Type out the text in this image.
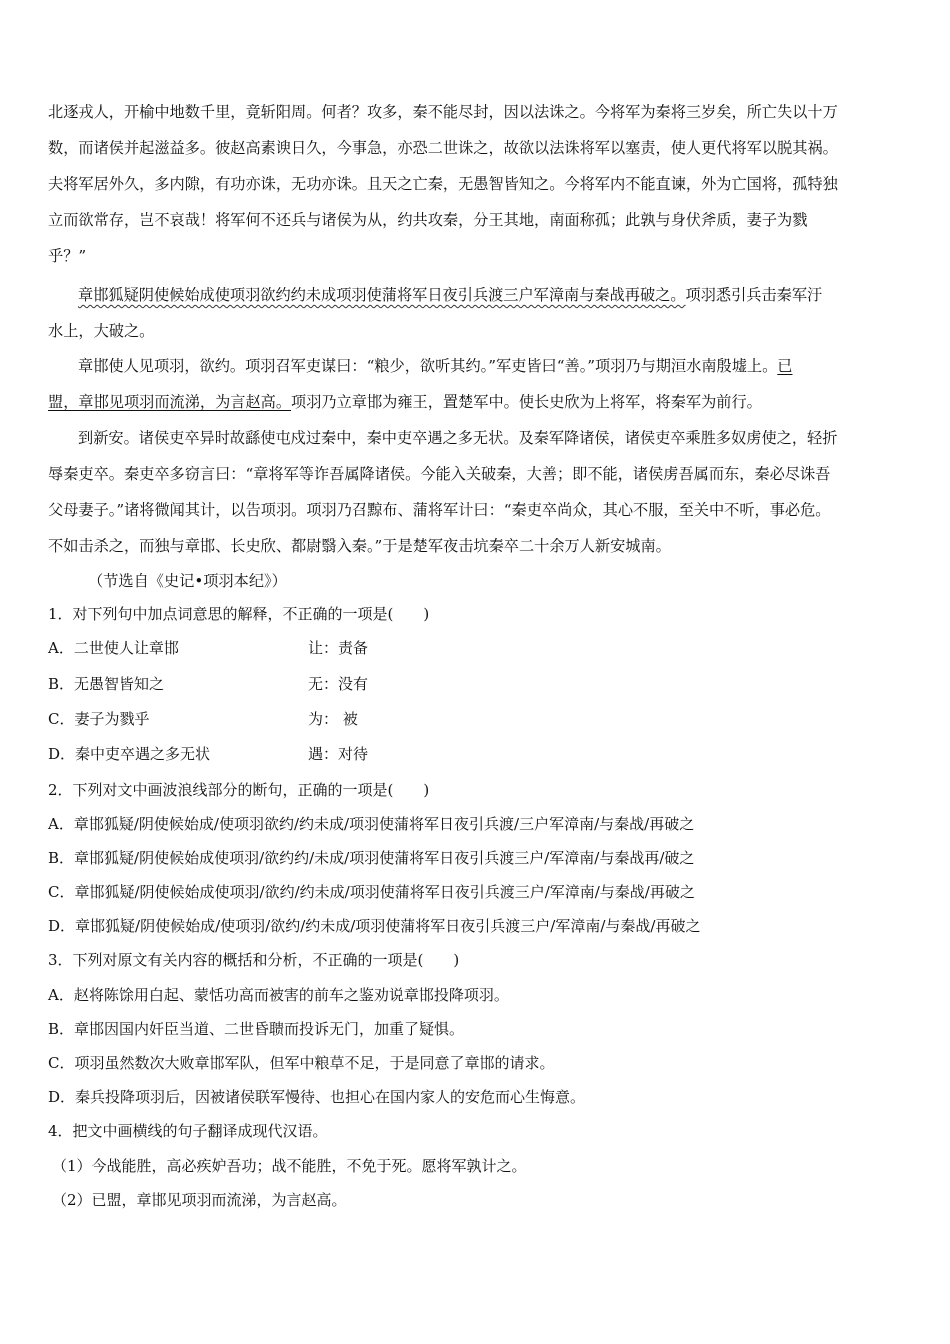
北逐戎人，开榆中地数千里，竟斩阳周。何者？攻多，秦不能尽封，因以法诛之。今将军为秦将三岁矣，所亡失以十万
数，而诸侯并起滋益多。彼赵高素谀日久，今事急，亦恐二世诛之，故欲以法诛将军以塞责，使人更代将军以脱其祸。
夫将军居外久，多内隙，有功亦诛，无功亦诛。且天之亡秦，无愚智皆知之。今将军内不能直谏，外为亡国将，孤特独
立而欲常存，岂不哀哉！将军何不还兵与诸侯为从，约共攻秦，分王其地，南面称孤；此孰与身伏斧质，妻子为戮
乎？”
章邯狐疑阴使候始成使项羽欲约约未成项羽使蒲将军日夜引兵渡三户军漳南与秦战再破之。项羽悉引兵击秦军汙
水上，大破之。
章邯使人见项羽，欲约。项羽召军吏谋曰：“粮少，欲听其约。”军吏皆曰“善。”项羽乃与期洹水南殷墟上。已
盟，章邯见项羽而流涕，为言赵高。项羽乃立章邯为雍王，置楚军中。使长史欣为上将军，将秦军为前行。
到新安。诸侯吏卒异时故繇使屯戍过秦中，秦中吏卒遇之多无状。及秦军降诸侯，诸侯吏卒乘胜多奴虏使之，轻折
辱秦吏卒。秦吏卒多窃言曰：“章将军等诈吾属降诸侯。今能入关破秦，大善；即不能，诸侯虏吾属而东，秦必尽诛吾
父母妻子。”诸将微闻其计，以告项羽。项羽乃召黥布、蒲将军计曰：“秦吏卒尚众，其心不服，至关中不听，事必危。
不如击杀之，而独与章邯、长史欣、都尉翳入秦。”于是楚军夜击坑秦卒二十余万人新安城南。
（节选自《史记•项羽本纪》）
1．对下列句中加点词意思的解释，不正确的一项是(　　)
A．二世使人让章邯	让：责备
B．无愚智皆知之	无：没有
C．妻子为戮乎	为： 被
D．秦中吏卒遇之多无状	遇：对待
2．下列对文中画波浪线部分的断句，正确的一项是(　　)
A．章邯狐疑/阴使候始成/使项羽欲约/约未成/项羽使蒲将军日夜引兵渡/三户军漳南/与秦战/再破之
B．章邯狐疑/阴使候始成使项羽/欲约约/未成/项羽使蒲将军日夜引兵渡三户/军漳南/与秦战再/破之
C．章邯狐疑/阴使候始成使项羽/欲约/约未成/项羽使蒲将军日夜引兵渡三户/军漳南/与秦战/再破之
D．章邯狐疑/阴使候始成/使项羽/欲约/约未成/项羽使蒲将军日夜引兵渡三户/军漳南/与秦战/再破之
3．下列对原文有关内容的概括和分析，不正确的一项是(　　)
A．赵将陈馀用白起、蒙恬功高而被害的前车之鉴劝说章邯投降项羽。
B．章邯因国内奸臣当道、二世昏聩而投诉无门，加重了疑惧。
C．项羽虽然数次大败章邯军队，但军中粮草不足，于是同意了章邯的请求。
D．秦兵投降项羽后，因被诸侯联军慢待、也担心在国内家人的安危而心生悔意。
4．把文中画横线的句子翻译成现代汉语。
（1）今战能胜，高必疾妒吾功；战不能胜，不免于死。愿将军孰计之。
（2）已盟，章邯见项羽而流涕，为言赵高。
